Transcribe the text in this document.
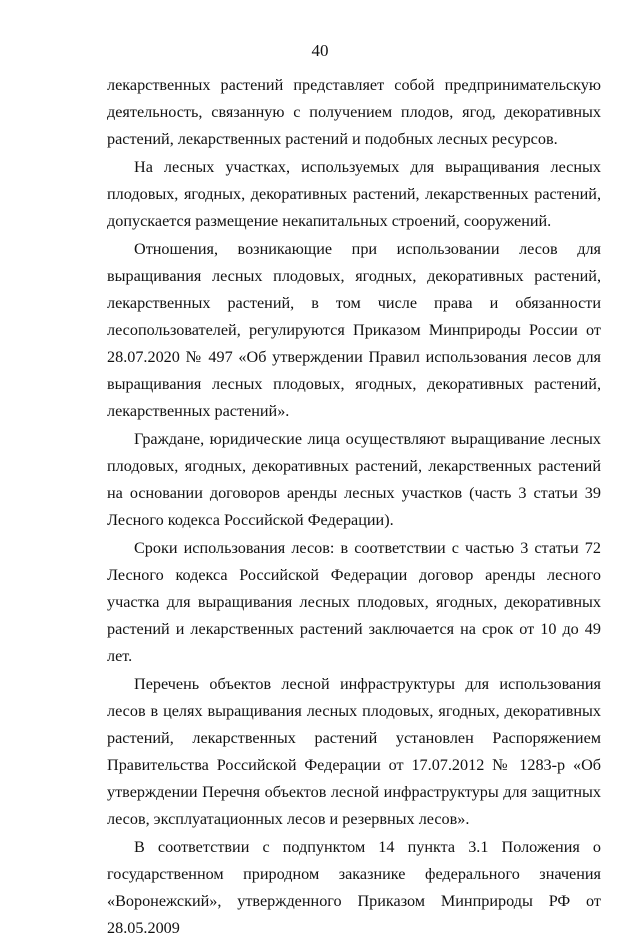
40

лекарственных растений представляет собой предпринимательскую деятельность, связанную с получением плодов, ягод, декоративных растений, лекарственных растений и подобных лесных ресурсов.

На лесных участках, используемых для выращивания лесных плодовых, ягодных, декоративных растений, лекарственных растений, допускается размещение некапитальных строений, сооружений.

Отношения, возникающие при использовании лесов для выращивания лесных плодовых, ягодных, декоративных растений, лекарственных растений, в том числе права и обязанности лесопользователей, регулируются Приказом Минприроды России от 28.07.2020 № 497 «Об утверждении Правил использования лесов для выращивания лесных плодовых, ягодных, декоративных растений, лекарственных растений».

Граждане, юридические лица осуществляют выращивание лесных плодовых, ягодных, декоративных растений, лекарственных растений на основании договоров аренды лесных участков (часть 3 статьи 39 Лесного кодекса Российской Федерации).

Сроки использования лесов: в соответствии с частью 3 статьи 72 Лесного кодекса Российской Федерации договор аренды лесного участка для выращивания лесных плодовых, ягодных, декоративных растений и лекарственных растений заключается на срок от 10 до 49 лет.

Перечень объектов лесной инфраструктуры для использования лесов в целях выращивания лесных плодовых, ягодных, декоративных растений, лекарственных растений установлен Распоряжением Правительства Российской Федерации от 17.07.2012 № 1283-р «Об утверждении Перечня объектов лесной инфраструктуры для защитных лесов, эксплуатационных лесов и резервных лесов».

В соответствии с подпунктом 14 пункта 3.1 Положения о государственном природном заказнике федерального значения «Воронежский», утвержденного Приказом Минприроды РФ от 28.05.2009
